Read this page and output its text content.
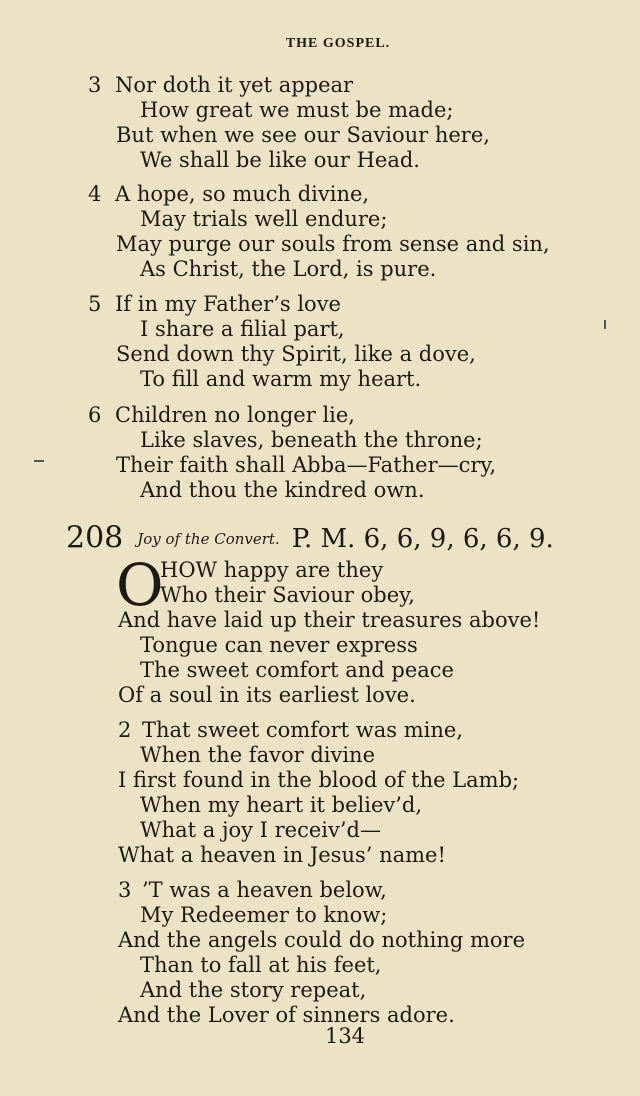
THE GOSPEL.
3 Nor doth it yet appear
How great we must be made;
But when we see our Saviour here,
We shall be like our Head.
4 A hope, so much divine,
May trials well endure;
May purge our souls from sense and sin,
As Christ, the Lord, is pure.
5 If in my Father’s love
I share a filial part,
Send down thy Spirit, like a dove,
To fill and warm my heart.
6 Children no longer lie,
Like slaves, beneath the throne;
Their faith shall Abba—Father—cry,
And thou the kindred own.
208 Joy of the Convert. P. M. 6, 6, 9, 6, 6, 9.
O
HOW happy are they
Who their Saviour obey,
And have laid up their treasures above!
Tongue can never express
The sweet comfort and peace
Of a soul in its earliest love.
2 That sweet comfort was mine,
When the favor divine
I first found in the blood of the Lamb;
When my heart it believ’d,
What a joy I receiv’d—
What a heaven in Jesus’ name!
3 ’T was a heaven below,
My Redeemer to know;
And the angels could do nothing more
Than to fall at his feet,
And the story repeat,
And the Lover of sinners adore.
134
